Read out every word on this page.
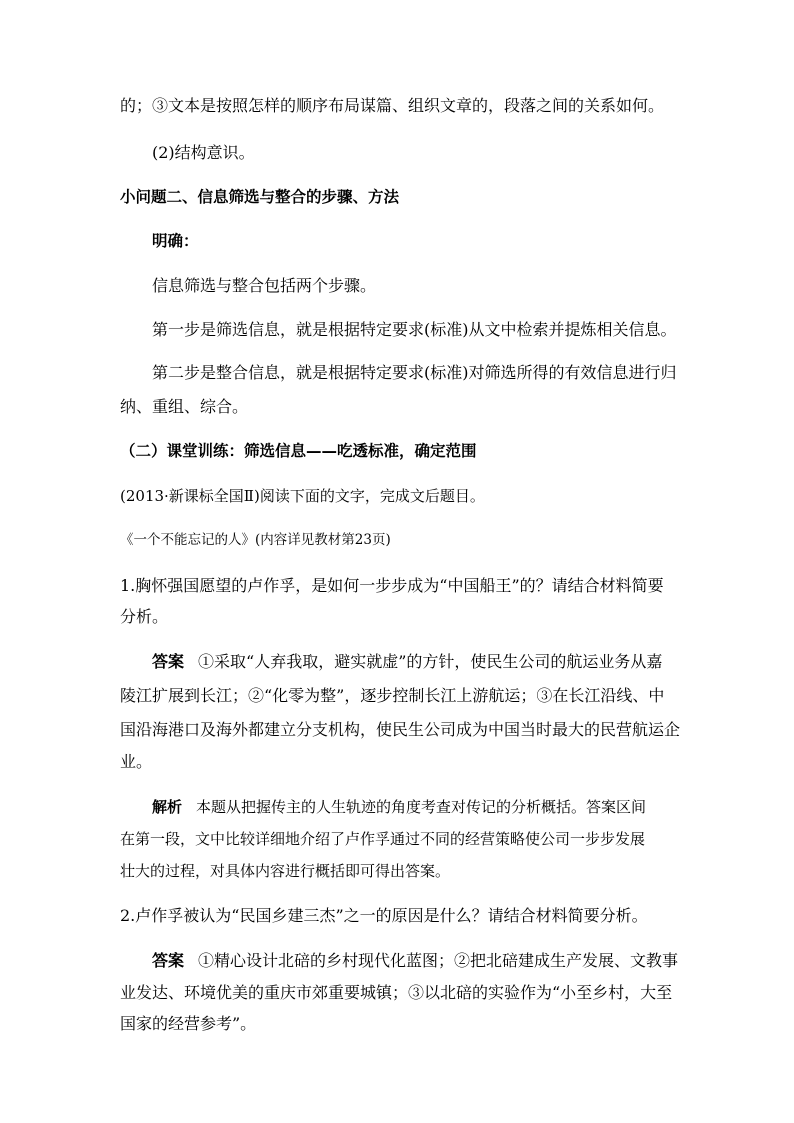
的；③文本是按照怎样的顺序布局谋篇、组织文章的，段落之间的关系如何。
(2)结构意识。
小问题二、信息筛选与整合的步骤、方法
明确：
信息筛选与整合包括两个步骤。
第一步是筛选信息，就是根据特定要求(标准)从文中检索并提炼相关信息。
第二步是整合信息，就是根据特定要求(标准)对筛选所得的有效信息进行归
纳、重组、综合。
（二）课堂训练：筛选信息——吃透标准，确定范围
(2013·新课标全国Ⅱ)阅读下面的文字，完成文后题目。
《一个不能忘记的人》(内容详见教材第23页)
1.胸怀强国愿望的卢作孚，是如何一步步成为“中国船王”的？请结合材料简要
分析。
答案 ①采取“人弃我取，避实就虚”的方针，使民生公司的航运业务从嘉
陵江扩展到长江；②“化零为整”，逐步控制长江上游航运；③在长江沿线、中
国沿海港口及海外都建立分支机构，使民生公司成为中国当时最大的民营航运企
业。
解析 本题从把握传主的人生轨迹的角度考查对传记的分析概括。答案区间
在第一段，文中比较详细地介绍了卢作孚通过不同的经营策略使公司一步步发展
壮大的过程，对具体内容进行概括即可得出答案。
2.卢作孚被认为“民国乡建三杰”之一的原因是什么？请结合材料简要分析。
答案 ①精心设计北碚的乡村现代化蓝图；②把北碚建成生产发展、文教事
业发达、环境优美的重庆市郊重要城镇；③以北碚的实验作为“小至乡村，大至
国家的经营参考”。
